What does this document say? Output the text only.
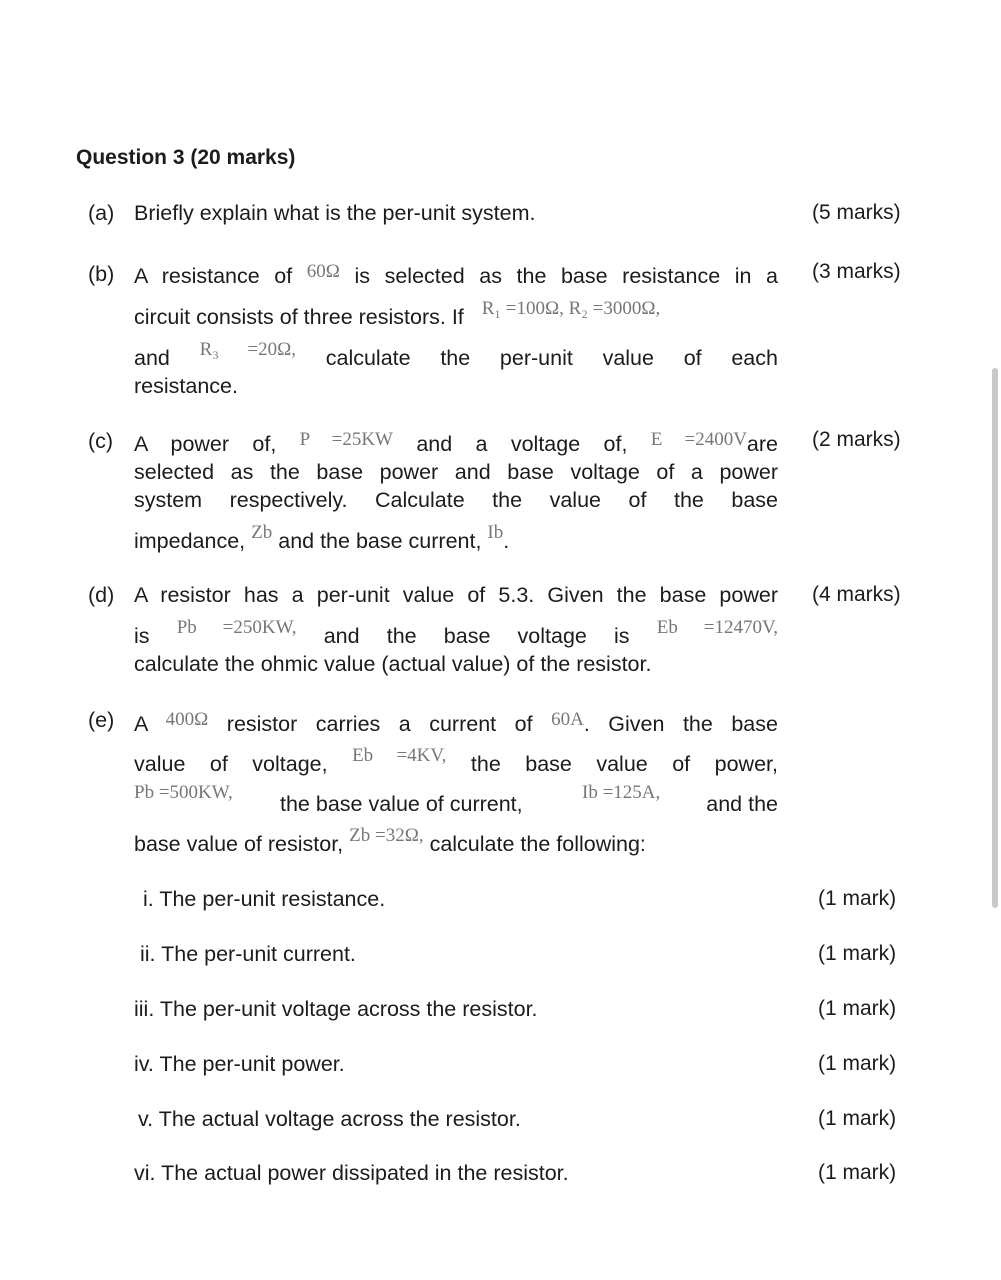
Question 3 (20 marks)
(a) Briefly explain what is the per-unit system.	(5 marks)
(b)	(3 marks)
A resistance of 60Ω is selected as the base resistance in a
circuit consists of three resistors. If R₁ =100Ω, R₂ =3000Ω,
and R₃ =20Ω, calculate the per-unit value of each
resistance.
(c)	(2 marks)
A power of, P =25KW and a voltage of, E =2400Vare
selected as the base power and base voltage of a power
system respectively. Calculate the value of the base
impedance, Zb and the base current, Ib.
(d)	(4 marks)
A resistor has a per-unit value of 5.3. Given the base power
is Pb =250KW, and the base voltage is Eb =12470V,
calculate the ohmic value (actual value) of the resistor.
(e) A 400Ω resistor carries a current of 60A. Given the base
value of voltage, Eb =4KV, the base value of power,
Pb =500KW, the base value of current,	Ib =125A, and the
base value of resistor, Zb =32Ω, calculate the following:
i. The per-unit resistance.	(1 mark)
ii. The per-unit current.	(1 mark)
iii. The per-unit voltage across the resistor.	(1 mark)
iv. The per-unit power.	(1 mark)
v. The actual voltage across the resistor.	(1 mark)
vi. The actual power dissipated in the resistor.	(1 mark)
